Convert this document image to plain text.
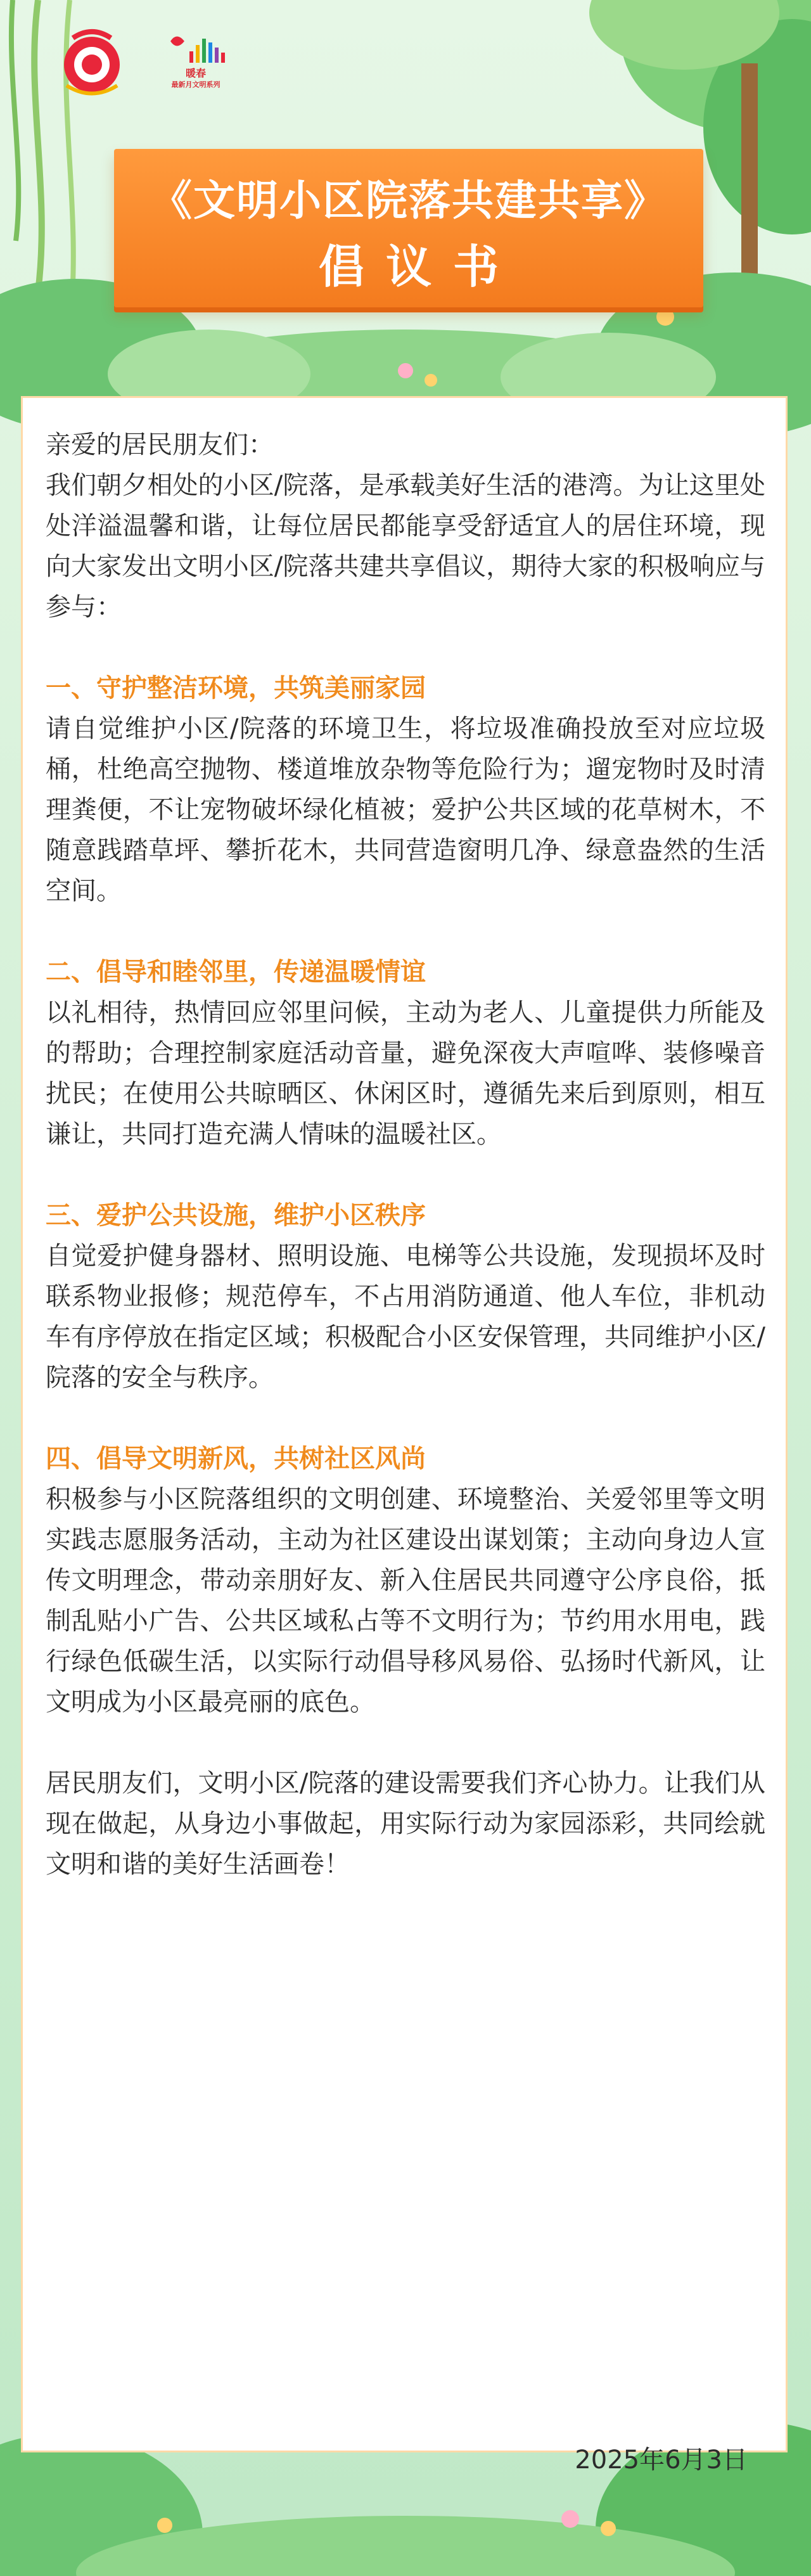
暖春
最新月文明系列
《文明小区院落共建共享》
倡议书

亲爱的居民朋友们：

我们朝夕相处的小区/院落，是承载美好生活的港湾。为让这里处处洋溢温馨和谐，让每位居民都能享受舒适宜人的居住环境，现向大家发出文明小区/院落共建共享倡议，期待大家的积极响应与参与：

一、守护整洁环境，共筑美丽家园

请自觉维护小区/院落的环境卫生，将垃圾准确投放至对应垃圾桶，杜绝高空抛物、楼道堆放杂物等危险行为；遛宠物时及时清理粪便，不让宠物破坏绿化植被；爱护公共区域的花草树木，不随意践踏草坪、攀折花木，共同营造窗明几净、绿意盎然的生活空间。

二、倡导和睦邻里，传递温暖情谊

以礼相待，热情回应邻里问候，主动为老人、儿童提供力所能及的帮助；合理控制家庭活动音量，避免深夜大声喧哗、装修噪音扰民；在使用公共晾晒区、休闲区时，遵循先来后到原则，相互谦让，共同打造充满人情味的温暖社区。

三、爱护公共设施，维护小区秩序

自觉爱护健身器材、照明设施、电梯等公共设施，发现损坏及时联系物业报修；规范停车，不占用消防通道、他人车位，非机动车有序停放在指定区域；积极配合小区安保管理，共同维护小区/院落的安全与秩序。

四、倡导文明新风，共树社区风尚

积极参与小区院落组织的文明创建、环境整治、关爱邻里等文明实践志愿服务活动，主动为社区建设出谋划策；主动向身边人宣传文明理念，带动亲朋好友、新入住居民共同遵守公序良俗，抵制乱贴小广告、公共区域私占等不文明行为；节约用水用电，践行绿色低碳生活，以实际行动倡导移风易俗、弘扬时代新风，让文明成为小区最亮丽的底色。

居民朋友们，文明小区/院落的建设需要我们齐心协力。让我们从现在做起，从身边小事做起，用实际行动为家园添彩，共同绘就文明和谐的美好生活画卷！

2025年6月3日
